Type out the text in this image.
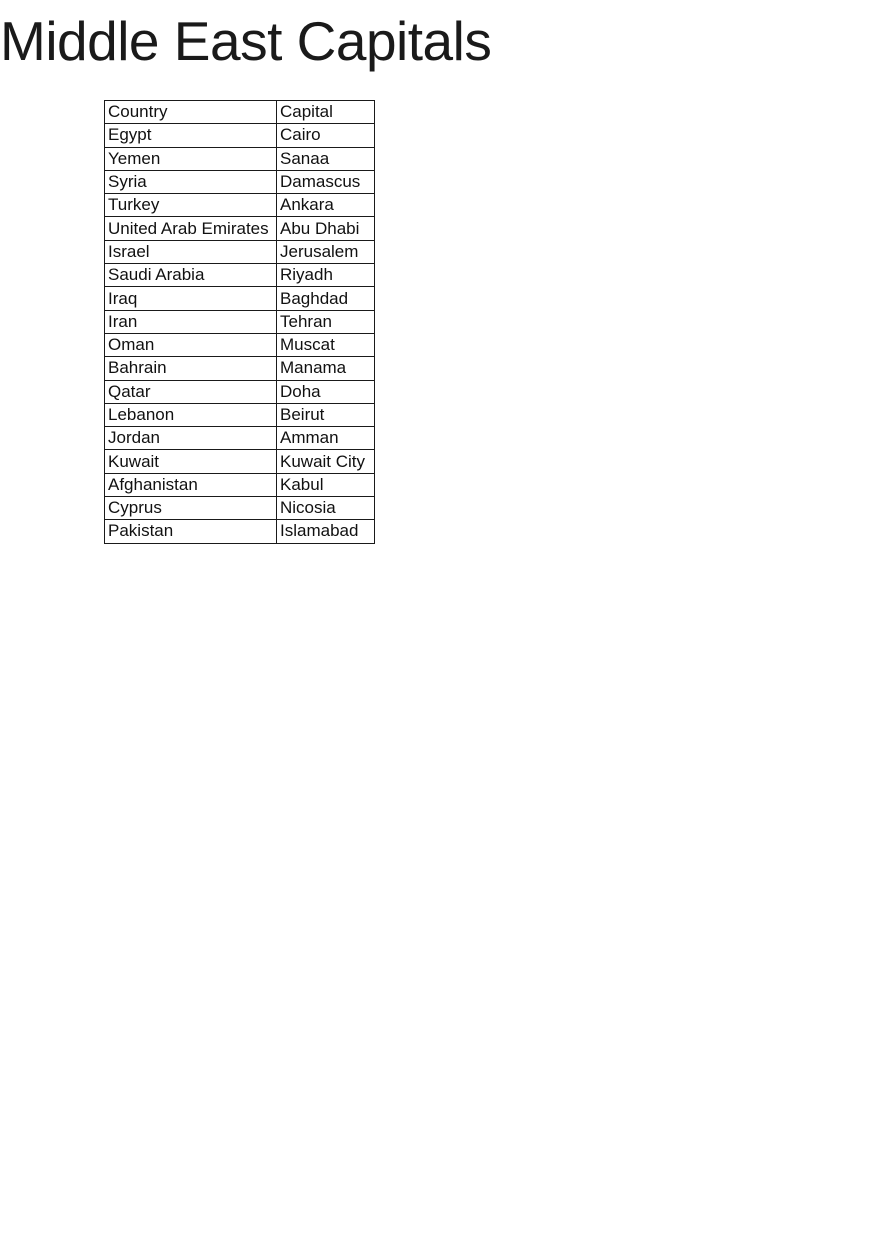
Middle East Capitals
Country	Capital
Egypt	Cairo
Yemen	Sanaa
Syria	Damascus
Turkey	Ankara
United Arab Emirates	Abu Dhabi
Israel	Jerusalem
Saudi Arabia	Riyadh
Iraq	Baghdad
Iran	Tehran
Oman	Muscat
Bahrain	Manama
Qatar	Doha
Lebanon	Beirut
Jordan	Amman
Kuwait	Kuwait City
Afghanistan	Kabul
Cyprus	Nicosia
Pakistan	Islamabad
